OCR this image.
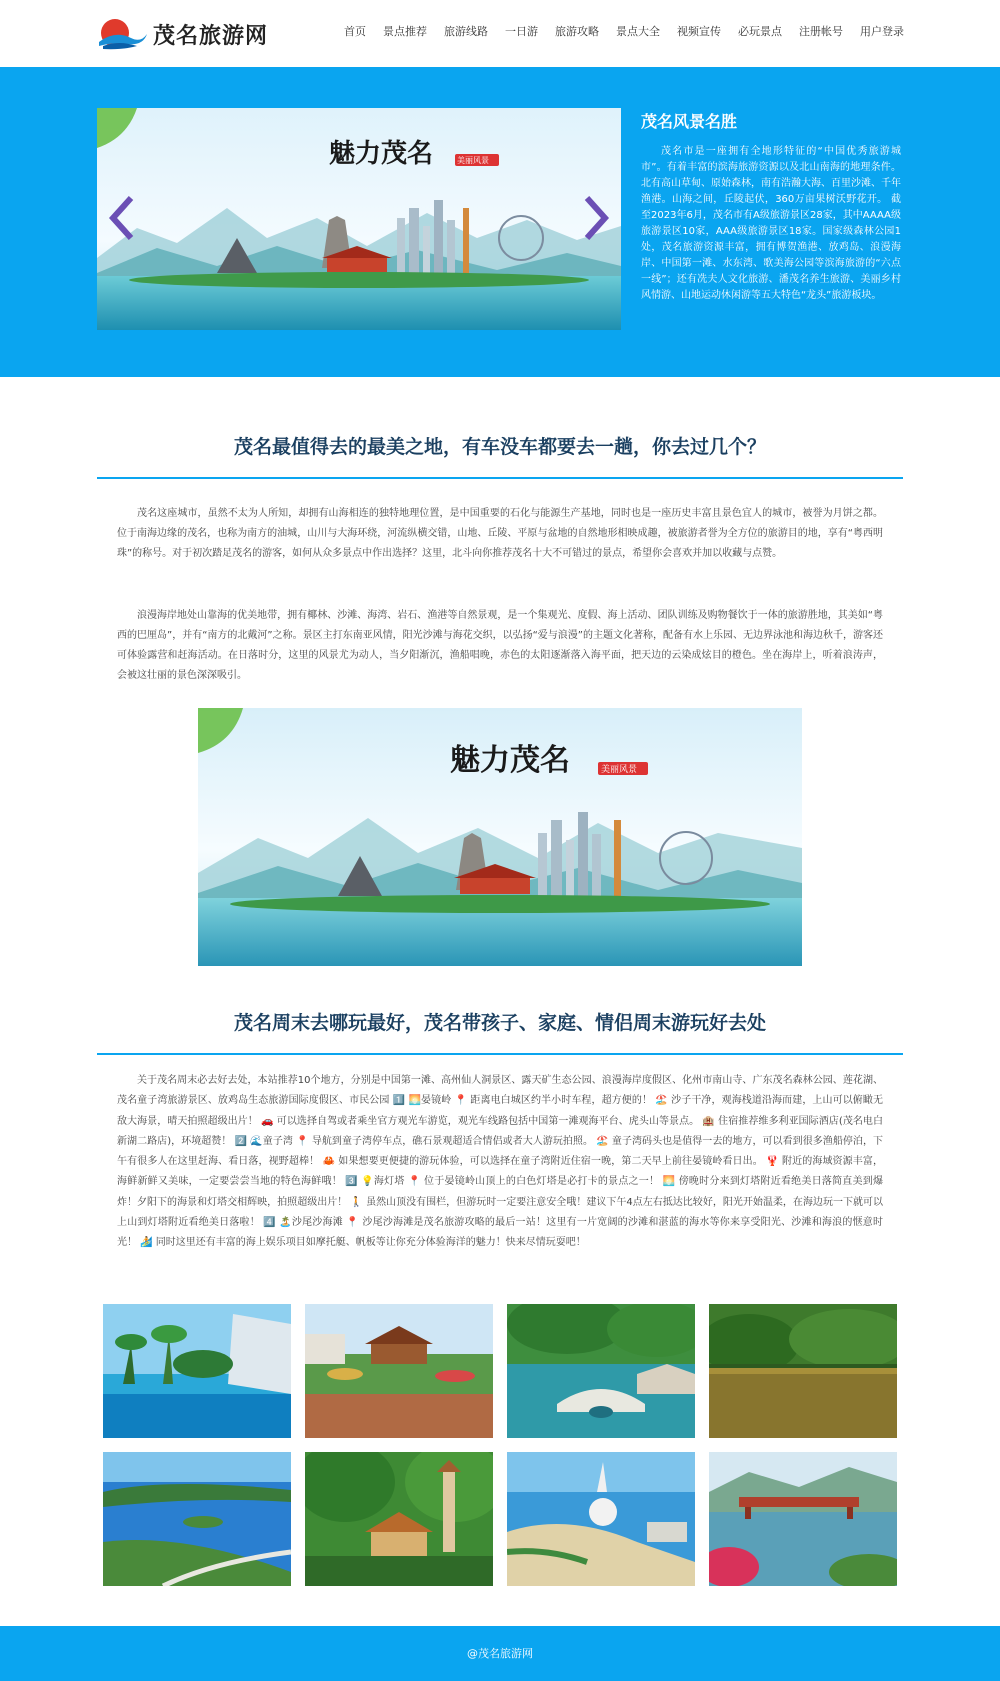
茂名旅游网	首页 景点推荐 旅游线路 一日游 旅游攻略 景点大全 视频宣传 必玩景点 注册帐号 用户登录
魅力茂名	美丽风景
茂名风景名胜
茂名市是一座拥有全地形特征的“中国优秀旅游城市”。有着丰富的滨海旅游资源以及北山南海的地理条件。北有高山草甸、原始森林，南有浩瀚大海、百里沙滩、千年渔港。山海之间，丘陵起伏，360万亩果树沃野花开。 截至2023年6月，茂名市有A级旅游景区28家，其中AAAA级旅游景区10家，AAA级旅游景区18家。国家级森林公园1处，茂名旅游资源丰富，拥有博贺渔港、放鸡岛、浪漫海岸、中国第一滩、水东湾、歌美海公园等滨海旅游的“六点一线”；还有冼夫人文化旅游、潘茂名养生旅游、美丽乡村风情游、山地运动休闲游等五大特色“龙头”旅游板块。
茂名最值得去的最美之地，有车没车都要去一趟，你去过几个？
茂名这座城市，虽然不太为人所知，却拥有山海相连的独特地理位置，是中国重要的石化与能源生产基地，同时也是一座历史丰富且景色宜人的城市，被誉为月饼之都。位于南海边缘的茂名，也称为南方的油城，山川与大海环绕，河流纵横交错，山地、丘陵、平原与盆地的自然地形相映成趣，被旅游者誉为全方位的旅游目的地，享有“粤西明珠”的称号。对于初次踏足茂名的游客，如何从众多景点中作出选择？这里，北斗向你推荐茂名十大不可错过的景点，希望你会喜欢并加以收藏与点赞。
浪漫海岸地处山靠海的优美地带，拥有椰林、沙滩、海湾、岩石、渔港等自然景观，是一个集观光、度假、海上活动、团队训练及购物餐饮于一体的旅游胜地，其美如“粤西的巴厘岛”，并有“南方的北戴河”之称。景区主打东南亚风情，阳光沙滩与海花交织，以弘扬“爱与浪漫”的主题文化著称，配备有水上乐园、无边界泳池和海边秋千，游客还可体验露营和赶海活动。在日落时分，这里的风景尤为动人，当夕阳渐沉，渔船唱晚，赤色的太阳逐渐落入海平面，把天边的云染成炫目的橙色。坐在海岸上，听着浪涛声，会被这壮丽的景色深深吸引。
魅力茂名	美丽风景
茂名周末去哪玩最好，茂名带孩子、家庭、情侣周末游玩好去处
关于茂名周末必去好去处，本站推荐10个地方，分别是中国第一滩、高州仙人洞景区、露天矿生态公园、浪漫海岸度假区、化州市南山寺、广东茂名森林公园、莲花湖、茂名童子湾旅游景区、放鸡岛生态旅游国际度假区、市民公园 1️⃣ 🌅晏镜岭 📍 距离电白城区约半小时车程，超方便的！ 🏖️ 沙子干净，观海栈道沿海而建，上山可以俯瞰无敌大海景，晴天拍照超级出片！ 🚗 可以选择自驾或者乘坐官方观光车游览，观光车线路包括中国第一滩观海平台、虎头山等景点。 🏨 住宿推荐维多利亚国际酒店(茂名电白新湖二路店)，环境超赞！ 2️⃣ 🌊童子湾 📍 导航到童子湾停车点，礁石景观超适合情侣或者大人游玩拍照。 🏖️ 童子湾码头也是值得一去的地方，可以看到很多渔船停泊，下午有很多人在这里赶海、看日落，视野超棒！ 🦀 如果想要更便捷的游玩体验，可以选择在童子湾附近住宿一晚，第二天早上前往晏镜岭看日出。 🦞 附近的海域资源丰富，海鲜新鲜又美味，一定要尝尝当地的特色海鲜哦！ 3️⃣ 💡海灯塔 📍 位于晏镜岭山顶上的白色灯塔是必打卡的景点之一！ 🌅 傍晚时分来到灯塔附近看绝美日落简直美到爆炸！夕阳下的海景和灯塔交相辉映，拍照超级出片！ 🚶 虽然山顶没有围栏，但游玩时一定要注意安全哦！建议下午4点左右抵达比较好，阳光开始温柔，在海边玩一下就可以上山到灯塔附近看绝美日落啦！ 4️⃣ 🏝️沙尾沙海滩 📍 沙尾沙海滩是茂名旅游攻略的最后一站！这里有一片宽阔的沙滩和湛蓝的海水等你来享受阳光、沙滩和海浪的惬意时光！ 🏄 同时这里还有丰富的海上娱乐项目如摩托艇、帆板等让你充分体验海洋的魅力！快来尽情玩耍吧！
@茂名旅游网
